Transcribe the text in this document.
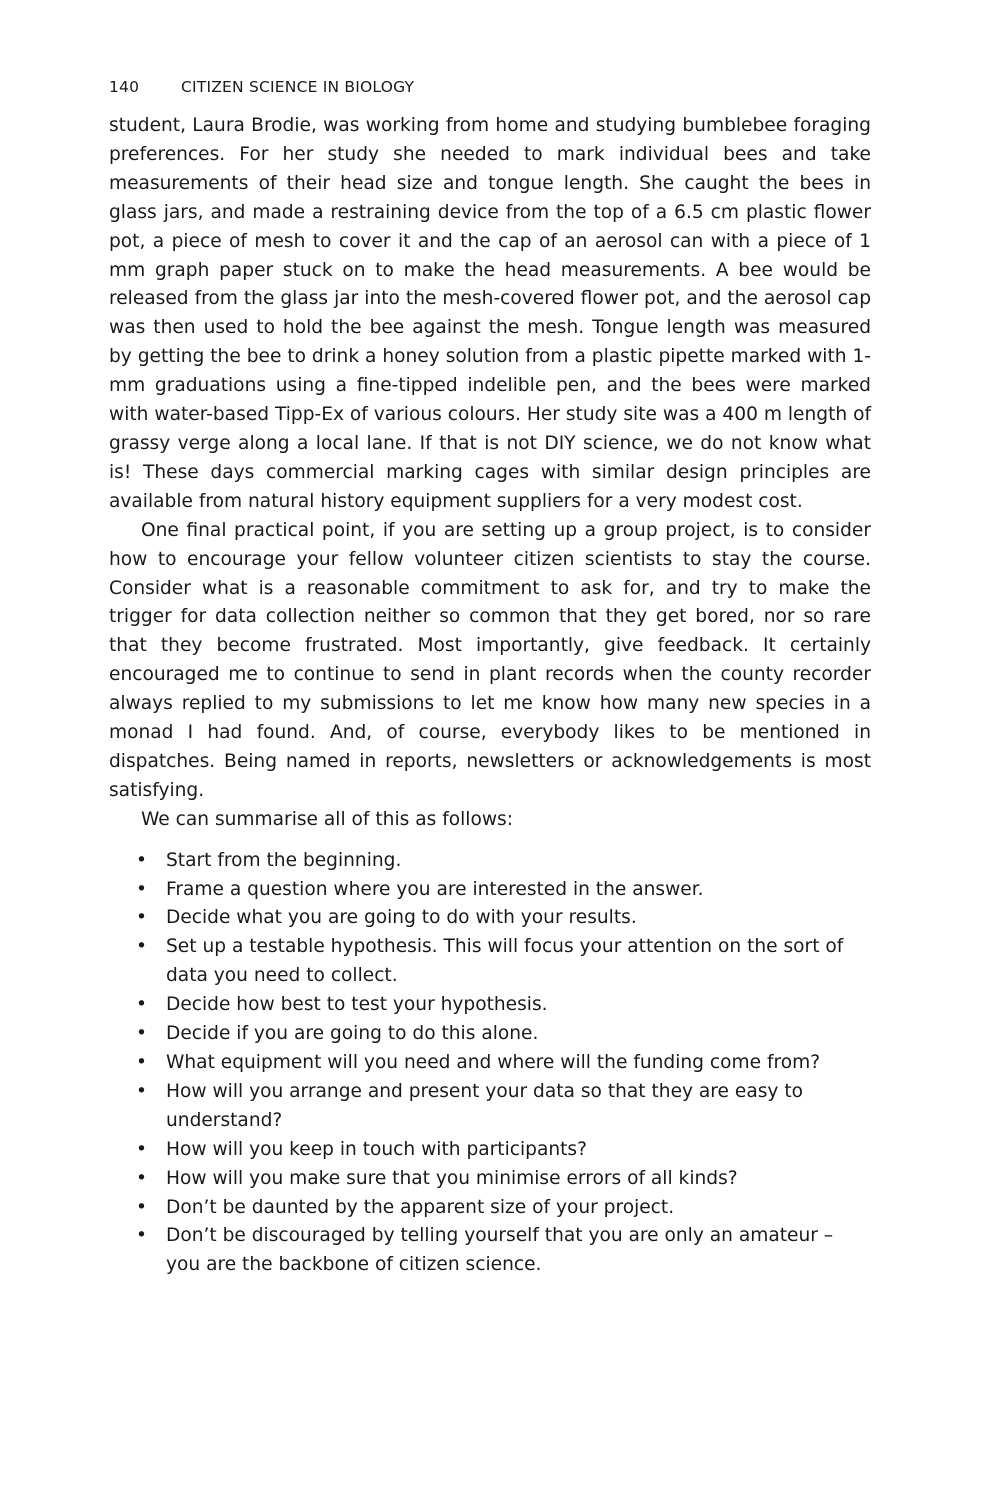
140	CITIZEN SCIENCE IN BIOLOGY

student, Laura Brodie, was working from home and studying bumblebee foraging preferences. For her study she needed to mark individual bees and take measurements of their head size and tongue length. She caught the bees in glass jars, and made a restraining device from the top of a 6.5 cm plastic flower pot, a piece of mesh to cover it and the cap of an aerosol can with a piece of 1 mm graph paper stuck on to make the head measurements. A bee would be released from the glass jar into the mesh-covered flower pot, and the aerosol cap was then used to hold the bee against the mesh. Tongue length was measured by getting the bee to drink a honey solution from a plastic pipette marked with 1-mm graduations using a fine-tipped indelible pen, and the bees were marked with water-based Tipp-Ex of various colours. Her study site was a 400 m length of grassy verge along a local lane. If that is not DIY science, we do not know what is! These days commercial marking cages with similar design principles are available from natural history equipment suppliers for a very modest cost.

One final practical point, if you are setting up a group project, is to consider how to encourage your fellow volunteer citizen scientists to stay the course. Consider what is a reasonable commitment to ask for, and try to make the trigger for data collection neither so common that they get bored, nor so rare that they become frustrated. Most importantly, give feedback. It certainly encouraged me to continue to send in plant records when the county recorder always replied to my submissions to let me know how many new species in a monad I had found. And, of course, everybody likes to be mentioned in dispatches. Being named in reports, newsletters or acknowledgements is most satisfying.

We can summarise all of this as follows:

• Start from the beginning.
• Frame a question where you are interested in the answer.
• Decide what you are going to do with your results.
• Set up a testable hypothesis. This will focus your attention on the sort of data you need to collect.
• Decide how best to test your hypothesis.
• Decide if you are going to do this alone.
• What equipment will you need and where will the funding come from?
• How will you arrange and present your data so that they are easy to understand?
• How will you keep in touch with participants?
• How will you make sure that you minimise errors of all kinds?
• Don’t be daunted by the apparent size of your project.
• Don’t be discouraged by telling yourself that you are only an amateur – you are the backbone of citizen science.
